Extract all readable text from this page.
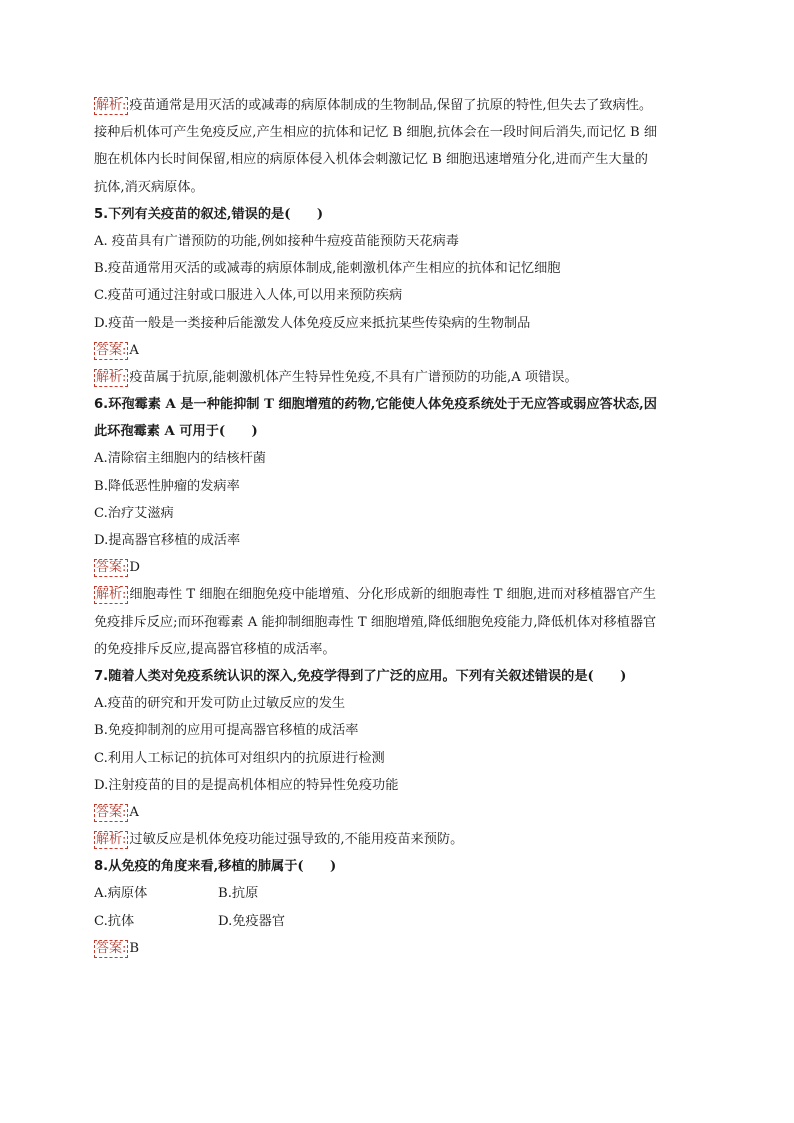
解析: 疫苗通常是用灭活的或减毒的病原体制成的生物制品,保留了抗原的特性,但失去了致病性。
接种后机体可产生免疫反应,产生相应的抗体和记忆 B 细胞,抗体会在一段时间后消失,而记忆 B 细
胞在机体内长时间保留,相应的病原体侵入机体会刺激记忆 B 细胞迅速增殖分化,进而产生大量的
抗体,消灭病原体。
5.下列有关疫苗的叙述,错误的是(　　)
A. 疫苗具有广谱预防的功能,例如接种牛痘疫苗能预防天花病毒
B.疫苗通常用灭活的或减毒的病原体制成,能刺激机体产生相应的抗体和记忆细胞
C.疫苗可通过注射或口服进入人体,可以用来预防疾病
D.疫苗一般是一类接种后能激发人体免疫反应来抵抗某些传染病的生物制品
答案: A
解析: 疫苗属于抗原,能刺激机体产生特异性免疫,不具有广谱预防的功能,A 项错误。
6.环孢霉素 A 是一种能抑制 T 细胞增殖的药物,它能使人体免疫系统处于无应答或弱应答状态,因
此环孢霉素 A 可用于(　　)
A.清除宿主细胞内的结核杆菌
B.降低恶性肿瘤的发病率
C.治疗艾滋病
D.提高器官移植的成活率
答案: D
解析: 细胞毒性 T 细胞在细胞免疫中能增殖、分化形成新的细胞毒性 T 细胞,进而对移植器官产生
免疫排斥反应;而环孢霉素 A 能抑制细胞毒性 T 细胞增殖,降低细胞免疫能力,降低机体对移植器官
的免疫排斥反应,提高器官移植的成活率。
7.随着人类对免疫系统认识的深入,免疫学得到了广泛的应用。下列有关叙述错误的是(　　)
A.疫苗的研究和开发可防止过敏反应的发生
B.免疫抑制剂的应用可提高器官移植的成活率
C.利用人工标记的抗体可对组织内的抗原进行检测
D.注射疫苗的目的是提高机体相应的特异性免疫功能
答案: A
解析: 过敏反应是机体免疫功能过强导致的,不能用疫苗来预防。
8.从免疫的角度来看,移植的肺属于(　　)
A.病原体	B.抗原
C.抗体	D.免疫器官
答案: B
